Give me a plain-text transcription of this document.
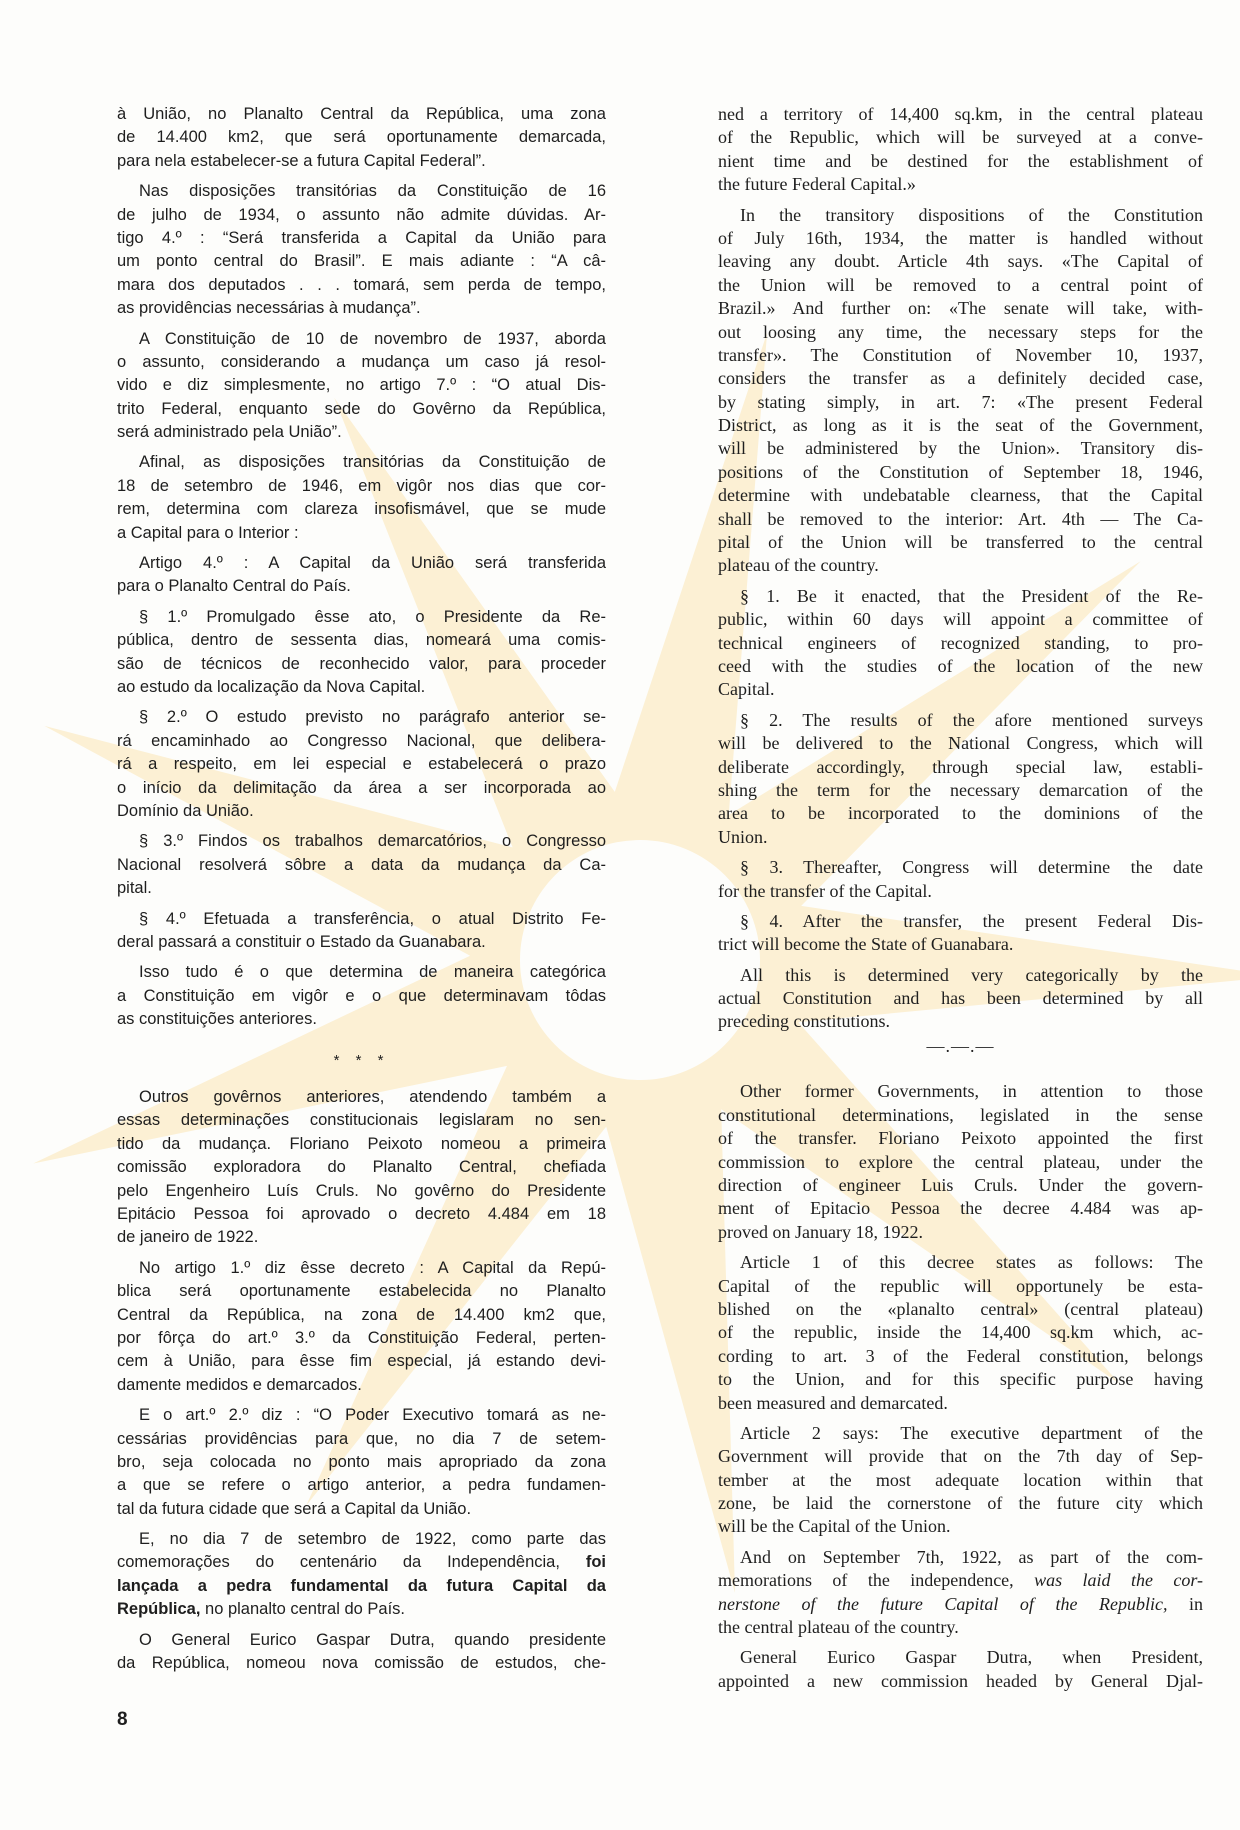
à União, no Planalto Central da República, uma zona
de 14.400 km2, que será oportunamente demarcada,
para nela estabelecer-se a futura Capital Federal”.
Nas disposições transitórias da Constituição de 16
de julho de 1934, o assunto não admite dúvidas. Ar-
tigo 4.º : “Será transferida a Capital da União para
um ponto central do Brasil”. E mais adiante : “A câ-
mara dos deputados . . . tomará, sem perda de tempo,
as providências necessárias à mudança”.
A Constituição de 10 de novembro de 1937, aborda
o assunto, considerando a mudança um caso já resol-
vido e diz simplesmente, no artigo 7.º : “O atual Dis-
trito Federal, enquanto sede do Govêrno da República,
será administrado pela União”.
Afinal, as disposições transitórias da Constituição de
18 de setembro de 1946, em vigôr nos dias que cor-
rem, determina com clareza insofismável, que se mude
a Capital para o Interior :
Artigo 4.º : A Capital da União será transferida
para o Planalto Central do País.
§ 1.º Promulgado êsse ato, o Presidente da Re-
pública, dentro de sessenta dias, nomeará uma comis-
são de técnicos de reconhecido valor, para proceder
ao estudo da localização da Nova Capital.
§ 2.º O estudo previsto no parágrafo anterior se-
rá encaminhado ao Congresso Nacional, que delibera-
rá a respeito, em lei especial e estabelecerá o prazo
o início da delimitação da área a ser incorporada ao
Domínio da União.
§ 3.º Findos os trabalhos demarcatórios, o Congresso
Nacional resolverá sôbre a data da mudança da Ca-
pital.
§ 4.º Efetuada a transferência, o atual Distrito Fe-
deral passará a constituir o Estado da Guanabara.
Isso tudo é o que determina de maneira categórica
a Constituição em vigôr e o que determinavam tôdas
as constituições anteriores.
* * *
Outros govêrnos anteriores, atendendo também a
essas determinações constitucionais legislaram no sen-
tido da mudança. Floriano Peixoto nomeou a primeira
comissão exploradora do Planalto Central, chefiada
pelo Engenheiro Luís Cruls. No govêrno do Presidente
Epitácio Pessoa foi aprovado o decreto 4.484 em 18
de janeiro de 1922.
No artigo 1.º diz êsse decreto : A Capital da Repú-
blica será oportunamente estabelecida no Planalto
Central da República, na zona de 14.400 km2 que,
por fôrça do art.º 3.º da Constituição Federal, perten-
cem à União, para êsse fim especial, já estando devi-
damente medidos e demarcados.
E o art.º 2.º diz : “O Poder Executivo tomará as ne-
cessárias providências para que, no dia 7 de setem-
bro, seja colocada no ponto mais apropriado da zona
a que se refere o artigo anterior, a pedra fundamen-
tal da futura cidade que será a Capital da União.
E, no dia 7 de setembro de 1922, como parte das
comemorações do centenário da Independência, foi
lançada a pedra fundamental da futura Capital da
República, no planalto central do País.
O General Eurico Gaspar Dutra, quando presidente
da República, nomeou nova comissão de estudos, che-
ned a territory of 14,400 sq.km, in the central plateau
of the Republic, which will be surveyed at a conve-
nient time and be destined for the establishment of
the future Federal Capital.»
In the transitory dispositions of the Constitution
of July 16th, 1934, the matter is handled without
leaving any doubt. Article 4th says. «The Capital of
the Union will be removed to a central point of
Brazil.» And further on: «The senate will take, with-
out loosing any time, the necessary steps for the
transfer». The Constitution of November 10, 1937,
considers the transfer as a definitely decided case,
by stating simply, in art. 7: «The present Federal
District, as long as it is the seat of the Government,
will be administered by the Union». Transitory dis-
positions of the Constitution of September 18, 1946,
determine with undebatable clearness, that the Capital
shall be removed to the interior: Art. 4th — The Ca-
pital of the Union will be transferred to the central
plateau of the country.
§ 1. Be it enacted, that the President of the Re-
public, within 60 days will appoint a committee of
technical engineers of recognized standing, to pro-
ceed with the studies of the location of the new
Capital.
§ 2. The results of the afore mentioned surveys
will be delivered to the National Congress, which will
deliberate accordingly, through special law, establi-
shing the term for the necessary demarcation of the
area to be incorporated to the dominions of the
Union.
§ 3. Thereafter, Congress will determine the date
for the transfer of the Capital.
§ 4. After the transfer, the present Federal Dis-
trict will become the State of Guanabara.
All this is determined very categorically by the
actual Constitution and has been determined by all
preceding constitutions.
—.—.—
Other former Governments, in attention to those
constitutional determinations, legislated in the sense
of the transfer. Floriano Peixoto appointed the first
commission to explore the central plateau, under the
direction of engineer Luis Cruls. Under the govern-
ment of Epitacio Pessoa the decree 4.484 was ap-
proved on January 18, 1922.
Article 1 of this decree states as follows: The
Capital of the republic will opportunely be esta-
blished on the «planalto central» (central plateau)
of the republic, inside the 14,400 sq.km which, ac-
cording to art. 3 of the Federal constitution, belongs
to the Union, and for this specific purpose having
been measured and demarcated.
Article 2 says: The executive department of the
Government will provide that on the 7th day of Sep-
tember at the most adequate location within that
zone, be laid the cornerstone of the future city which
will be the Capital of the Union.
And on September 7th, 1922, as part of the com-
memorations of the independence, was laid the cor-
nerstone of the future Capital of the Republic, in
the central plateau of the country.
General Eurico Gaspar Dutra, when President,
appointed a new commission headed by General Djal-
8
